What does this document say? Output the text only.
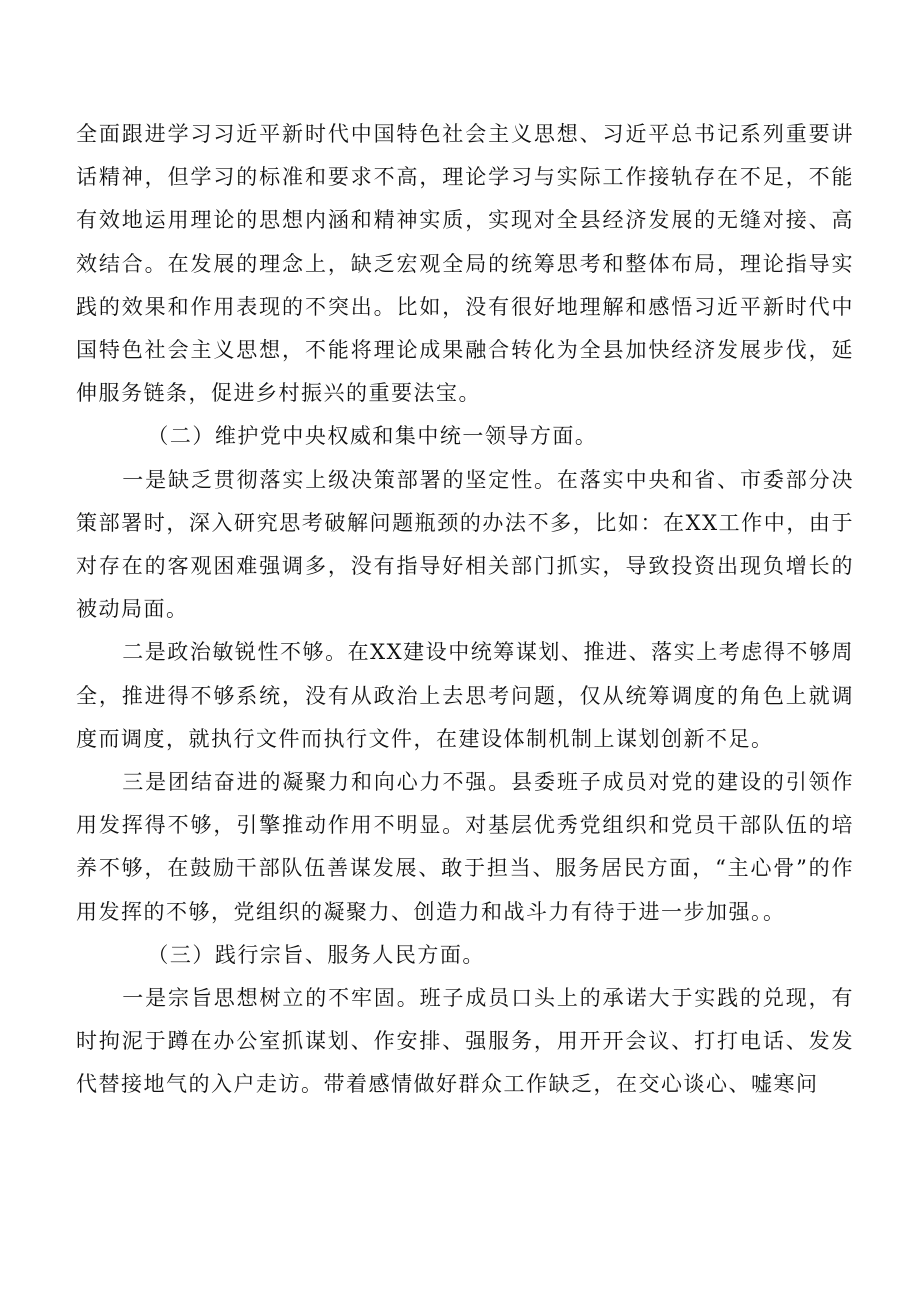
全面跟进学习习近平新时代中国特色社会主义思想、习近平总书记系列重要讲话精神，但学习的标准和要求不高，理论学习与实际工作接轨存在不足，不能有效地运用理论的思想内涵和精神实质，实现对全县经济发展的无缝对接、高效结合。在发展的理念上，缺乏宏观全局的统筹思考和整体布局，理论指导实践的效果和作用表现的不突出。比如，没有很好地理解和感悟习近平新时代中国特色社会主义思想，不能将理论成果融合转化为全县加快经济发展步伐，延伸服务链条，促进乡村振兴的重要法宝。

（二）维护党中央权威和集中统一领导方面。

一是缺乏贯彻落实上级决策部署的坚定性。在落实中央和省、市委部分决策部署时，深入研究思考破解问题瓶颈的办法不多，比如：在XX工作中，由于对存在的客观困难强调多，没有指导好相关部门抓实，导致投资出现负增长的被动局面。

二是政治敏锐性不够。在XX建设中统筹谋划、推进、落实上考虑得不够周全，推进得不够系统，没有从政治上去思考问题，仅从统筹调度的角色上就调度而调度，就执行文件而执行文件，在建设体制机制上谋划创新不足。

三是团结奋进的凝聚力和向心力不强。县委班子成员对党的建设的引领作用发挥得不够，引擎推动作用不明显。对基层优秀党组织和党员干部队伍的培养不够，在鼓励干部队伍善谋发展、敢于担当、服务居民方面，“主心骨”的作用发挥的不够，党组织的凝聚力、创造力和战斗力有待于进一步加强。。

（三）践行宗旨、服务人民方面。

一是宗旨思想树立的不牢固。班子成员口头上的承诺大于实践的兑现，有时拘泥于蹲在办公室抓谋划、作安排、强服务，用开开会议、打打电话、发发代替接地气的入户走访。带着感情做好群众工作缺乏，在交心谈心、嘘寒问
